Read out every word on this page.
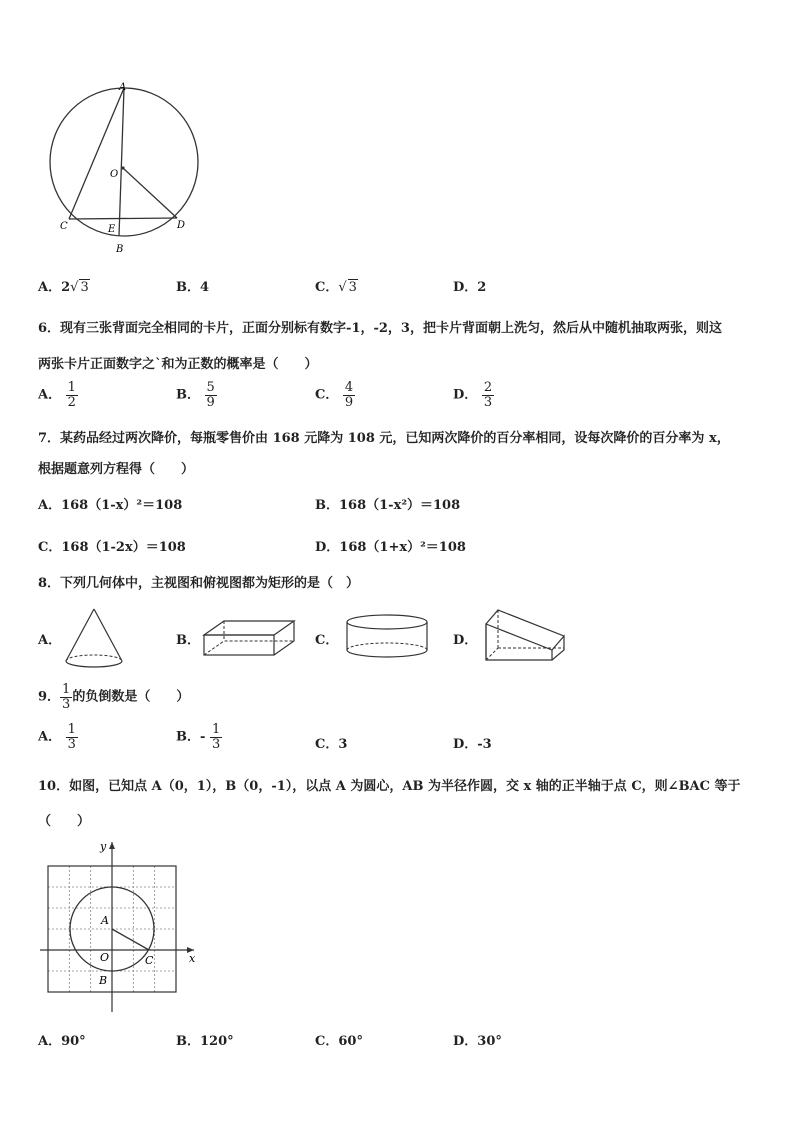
A
O
C	E	D
B
A．2√ 3	B．4	C．√ 3	D．2
6．现有三张背面完全相同的卡片，正面分别标有数字-1，-2，3，把卡片背面朝上洗匀，然后从中随机抽取两张，则这
两张卡片正面数字之`和为正数的概率是（　　）
A． $\frac{1}{2}$	B． $\frac{5}{9}$	C． $\frac{4}{9}$	D． $\frac{2}{3}$
7．某药品经过两次降价，每瓶零售价由 168 元降为 108 元，已知两次降价的百分率相同，设每次降价的百分率为 x，
根据题意列方程得（　　）
A．168（1-x）²＝108	B．168（1-x²）＝108
C．168（1-2x）＝108	D．168（1+x）²＝108
8．下列几何体中，主视图和俯视图都为矩形的是（　）
A．	B．	C．	D．
9． $\frac{1}{3}$ 的负倒数是（　　）
A． $\frac{1}{3}$	B．- $\frac{1}{3}$	C．3	D．-3
10．如图，已知点 A（0，1），B（0，-1），以点 A 为圆心，AB 为半径作圆，交 x 轴的正半轴于点 C，则∠BAC 等于
（　　）
y
x
A
O
B
C
A．90°	B．120°	C．60°	D．30°
